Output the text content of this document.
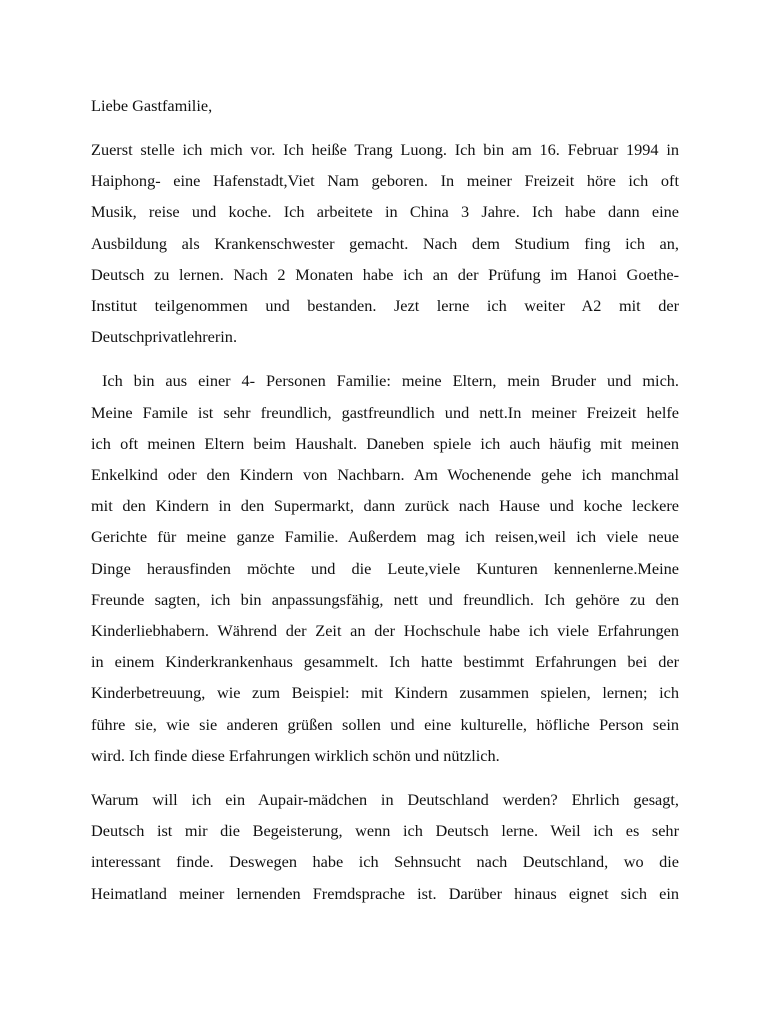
Liebe Gastfamilie,
Zuerst stelle ich mich vor. Ich heiße Trang Luong. Ich bin am 16. Februar 1994 in
Haiphong- eine Hafenstadt,Viet Nam geboren. In meiner Freizeit höre ich oft
Musik, reise und koche. Ich arbeitete in China 3 Jahre. Ich habe dann eine
Ausbildung als Krankenschwester gemacht. Nach dem Studium fing ich an,
Deutsch zu lernen. Nach 2 Monaten habe ich an der Prüfung im Hanoi Goethe-
Institut teilgenommen und bestanden. Jezt lerne ich weiter A2 mit der
Deutschprivatlehrerin.
Ich bin aus einer 4- Personen Familie: meine Eltern, mein Bruder und mich.
Meine Famile ist sehr freundlich, gastfreundlich und nett.In meiner Freizeit helfe
ich oft meinen Eltern beim Haushalt. Daneben spiele ich auch häufig mit meinen
Enkelkind oder den Kindern von Nachbarn. Am Wochenende gehe ich manchmal
mit den Kindern in den Supermarkt, dann zurück nach Hause und koche leckere
Gerichte für meine ganze Familie. Außerdem mag ich reisen,weil ich viele neue
Dinge herausfinden möchte und die Leute,viele Kunturen kennenlerne.Meine
Freunde sagten, ich bin anpassungsfähig, nett und freundlich. Ich gehöre zu den
Kinderliebhabern. Während der Zeit an der Hochschule habe ich viele Erfahrungen
in einem Kinderkrankenhaus gesammelt. Ich hatte bestimmt Erfahrungen bei der
Kinderbetreuung, wie zum Beispiel: mit Kindern zusammen spielen, lernen; ich
führe sie, wie sie anderen grüßen sollen und eine kulturelle, höfliche Person sein
wird. Ich finde diese Erfahrungen wirklich schön und nützlich.
Warum will ich ein Aupair-mädchen in Deutschland werden? Ehrlich gesagt,
Deutsch ist mir die Begeisterung, wenn ich Deutsch lerne. Weil ich es sehr
interessant finde. Deswegen habe ich Sehnsucht nach Deutschland, wo die
Heimatland meiner lernenden Fremdsprache ist. Darüber hinaus eignet sich ein
